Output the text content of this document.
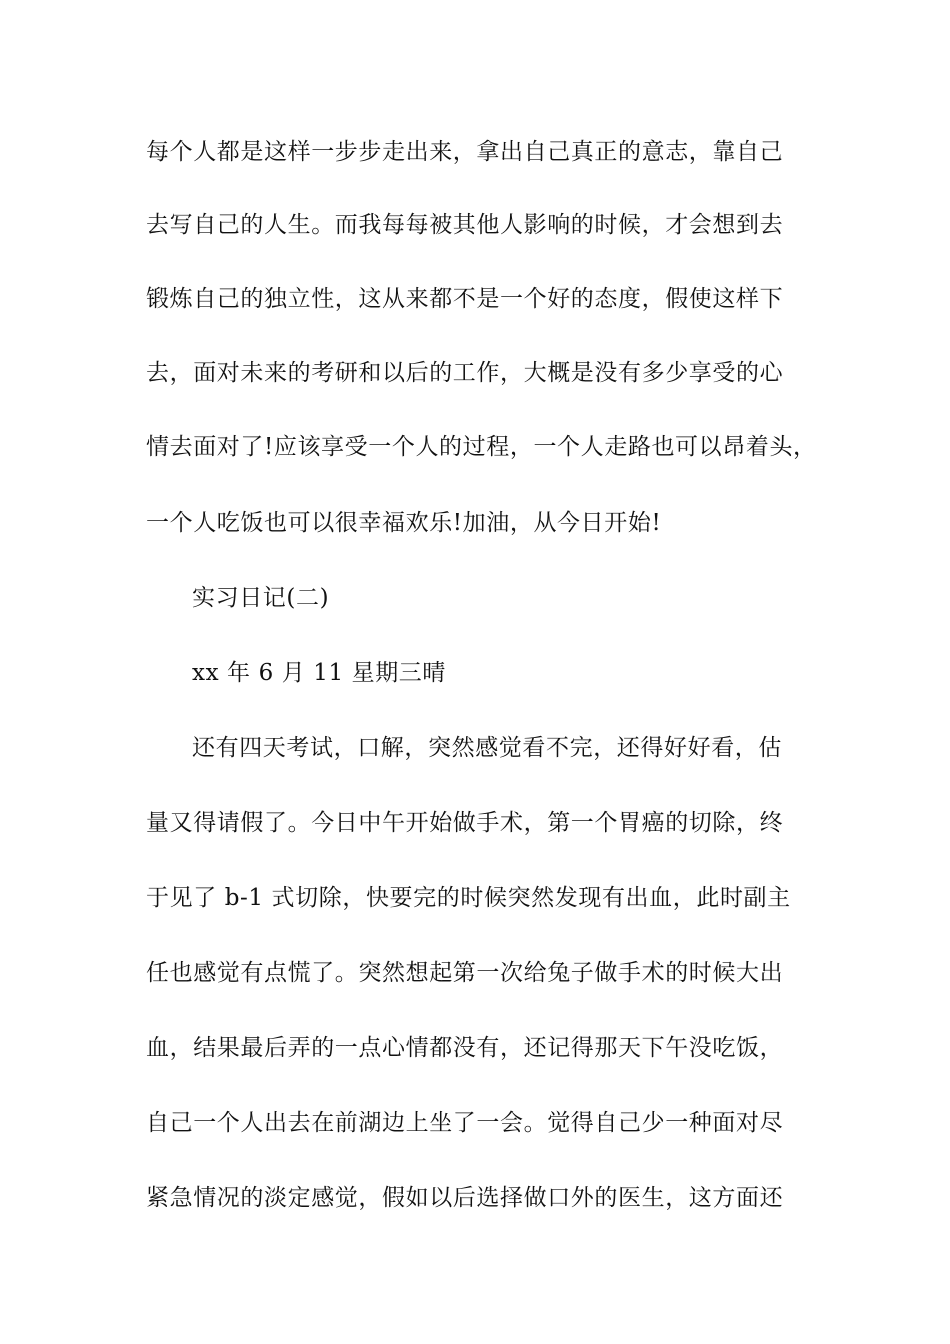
每个人都是这样一步步走出来，拿出自己真正的意志，靠自己
去写自己的人生。而我每每被其他人影响的时候，才会想到去
锻炼自己的独立性，这从来都不是一个好的态度，假使这样下
去，面对未来的考研和以后的工作，大概是没有多少享受的心
情去面对了!应该享受一个人的过程，一个人走路也可以昂着头，
一个人吃饭也可以很幸福欢乐!加油，从今日开始!
实习日记(二)
xx 年 6 月 11 星期三晴
还有四天考试，口解，突然感觉看不完，还得好好看，估
量又得请假了。今日中午开始做手术，第一个胃癌的切除，终
于见了 b-1 式切除，快要完的时候突然发现有出血，此时副主
任也感觉有点慌了。突然想起第一次给兔子做手术的时候大出
血，结果最后弄的一点心情都没有，还记得那天下午没吃饭，
自己一个人出去在前湖边上坐了一会。觉得自己少一种面对尽
紧急情况的淡定感觉，假如以后选择做口外的医生，这方面还
